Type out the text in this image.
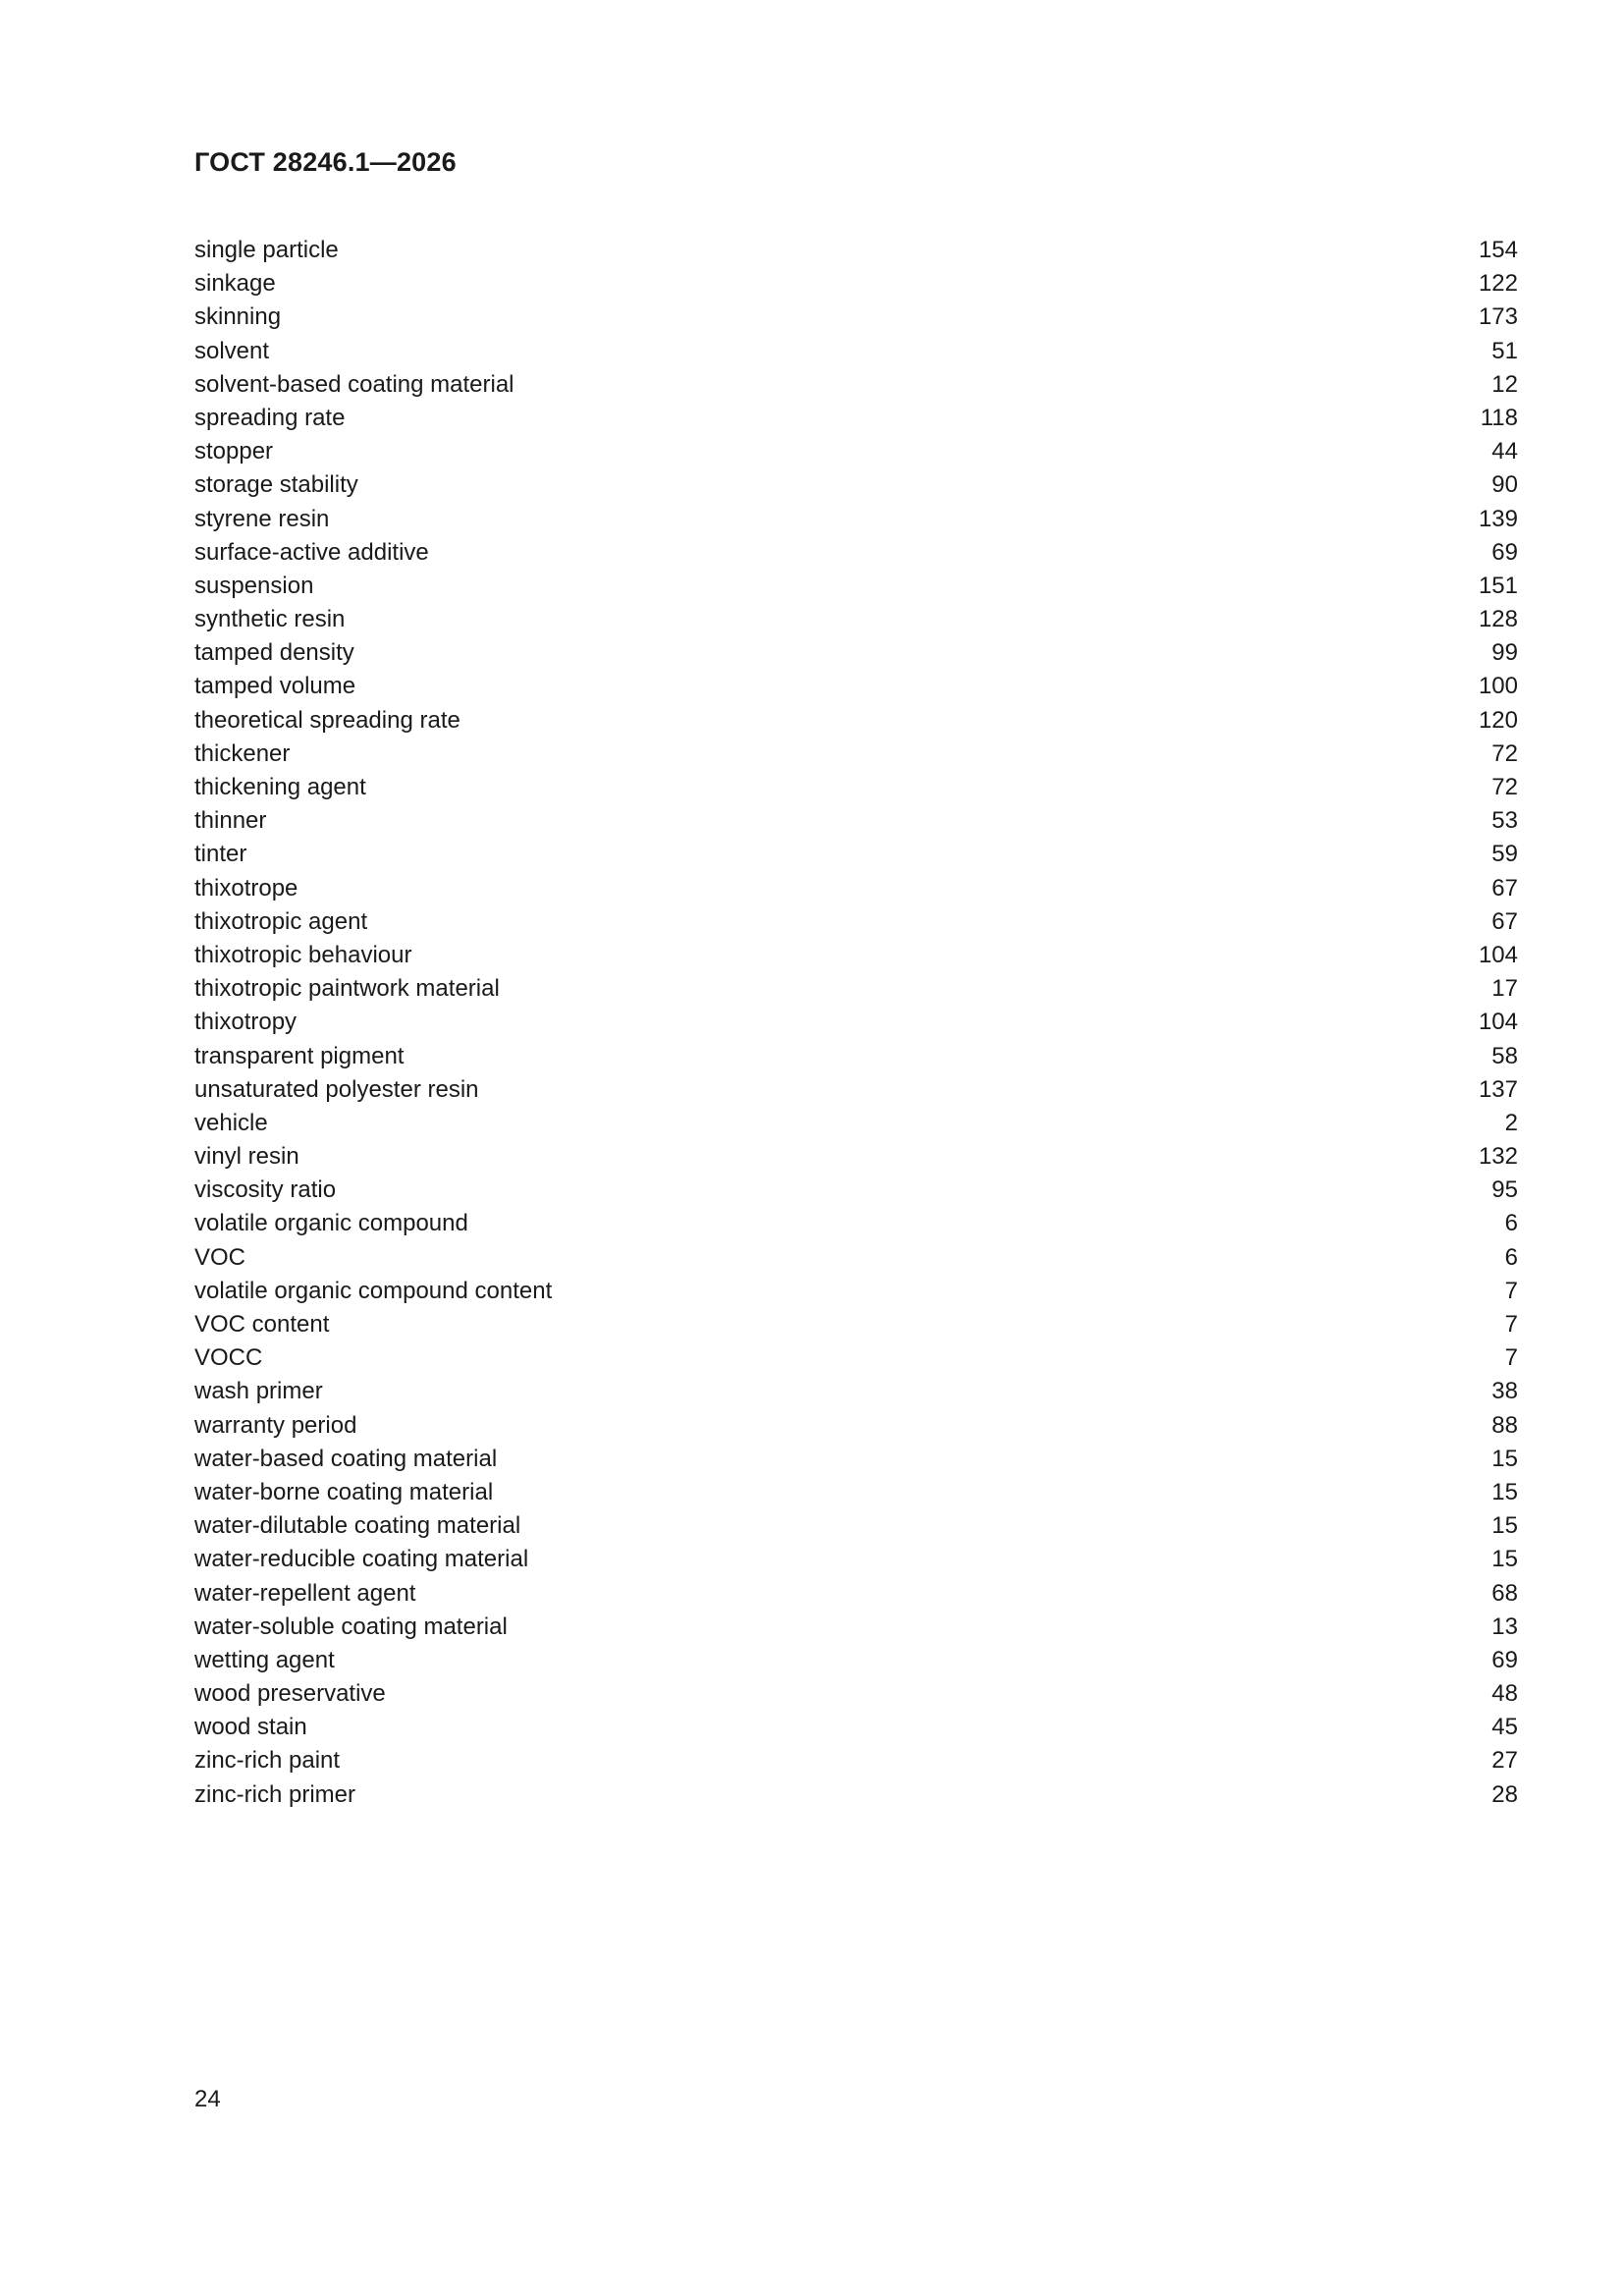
ГОСТ 28246.1—2026
single particle	154
sinkage	122
skinning	173
solvent	51
solvent-based coating material	12
spreading rate	118
stopper	44
storage stability	90
styrene resin	139
surface-active additive	69
suspension	151
synthetic resin	128
tamped density	99
tamped volume	100
theoretical spreading rate	120
thickener	72
thickening agent	72
thinner	53
tinter	59
thixotrope	67
thixotropic agent	67
thixotropic behaviour	104
thixotropic paintwork material	17
thixotropy	104
transparent pigment	58
unsaturated polyester resin	137
vehicle	2
vinyl resin	132
viscosity ratio	95
volatile organic compound	6
VOC	6
volatile organic compound content	7
VOC content	7
VOCC	7
wash primer	38
warranty period	88
water-based coating material	15
water-borne coating material	15
water-dilutable coating material	15
water-reducible coating material	15
water-repellent agent	68
water-soluble coating material	13
wetting agent	69
wood preservative	48
wood stain	45
zinc-rich paint	27
zinc-rich primer	28
24
